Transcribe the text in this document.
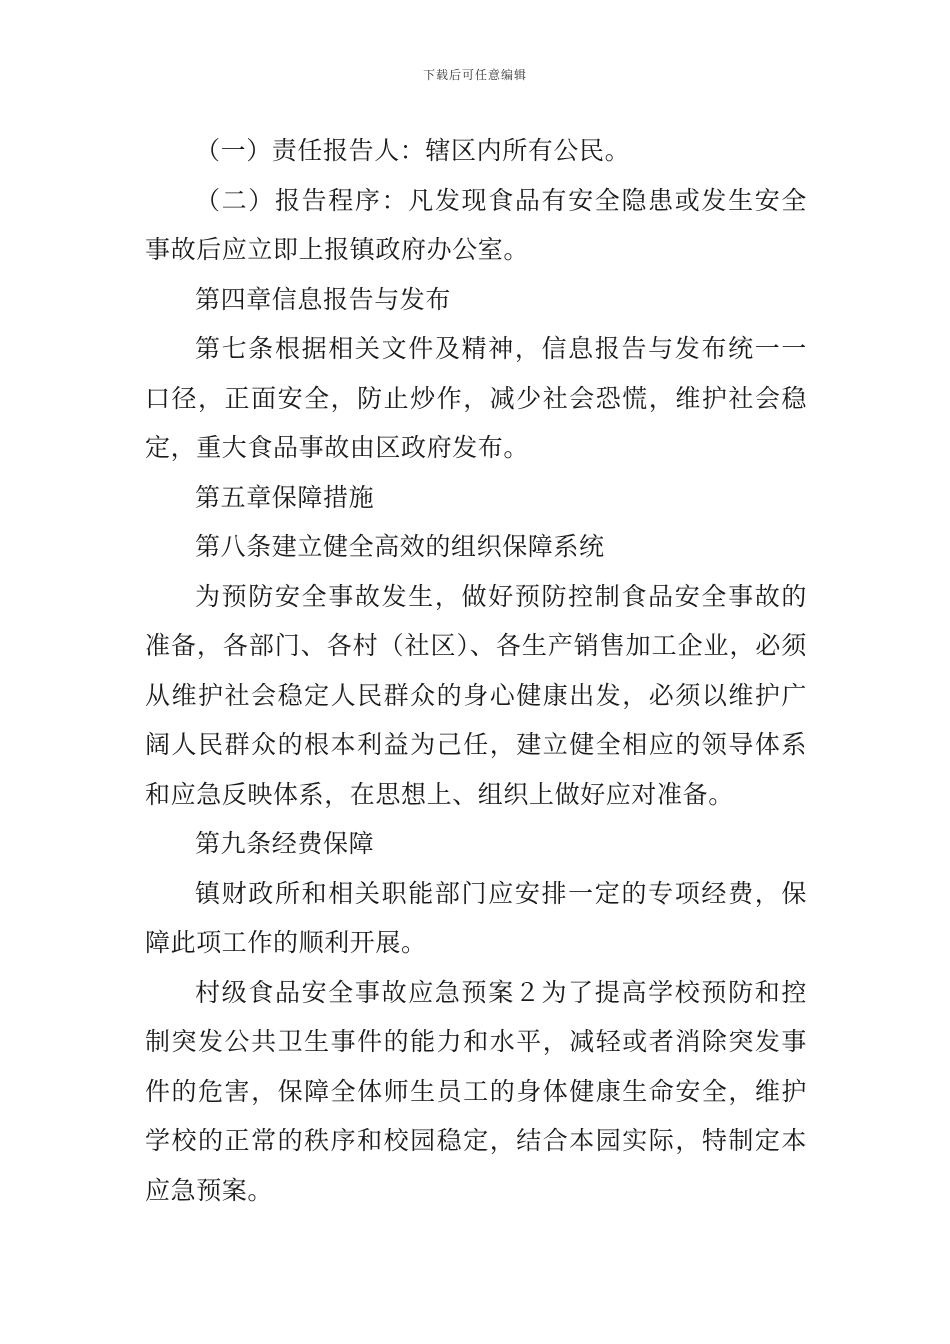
下载后可任意编辑

（一）责任报告人：辖区内所有公民。

（二）报告程序：凡发现食品有安全隐患或发生安全事故后应立即上报镇政府办公室。

第四章信息报告与发布

第七条根据相关文件及精神，信息报告与发布统一一口径，正面安全，防止炒作，减少社会恐慌，维护社会稳定，重大食品事故由区政府发布。

第五章保障措施

第八条建立健全高效的组织保障系统

为预防安全事故发生，做好预防控制食品安全事故的准备，各部门、各村（社区）、各生产销售加工企业，必须从维护社会稳定人民群众的身心健康出发，必须以维护广阔人民群众的根本利益为己任，建立健全相应的领导体系和应急反映体系，在思想上、组织上做好应对准备。

第九条经费保障

镇财政所和相关职能部门应安排一定的专项经费，保障此项工作的顺利开展。

村级食品安全事故应急预案２为了提高学校预防和控制突发公共卫生事件的能力和水平，减轻或者消除突发事件的危害，保障全体师生员工的身体健康生命安全，维护学校的正常的秩序和校园稳定，结合本园实际，特制定本应急预案。
